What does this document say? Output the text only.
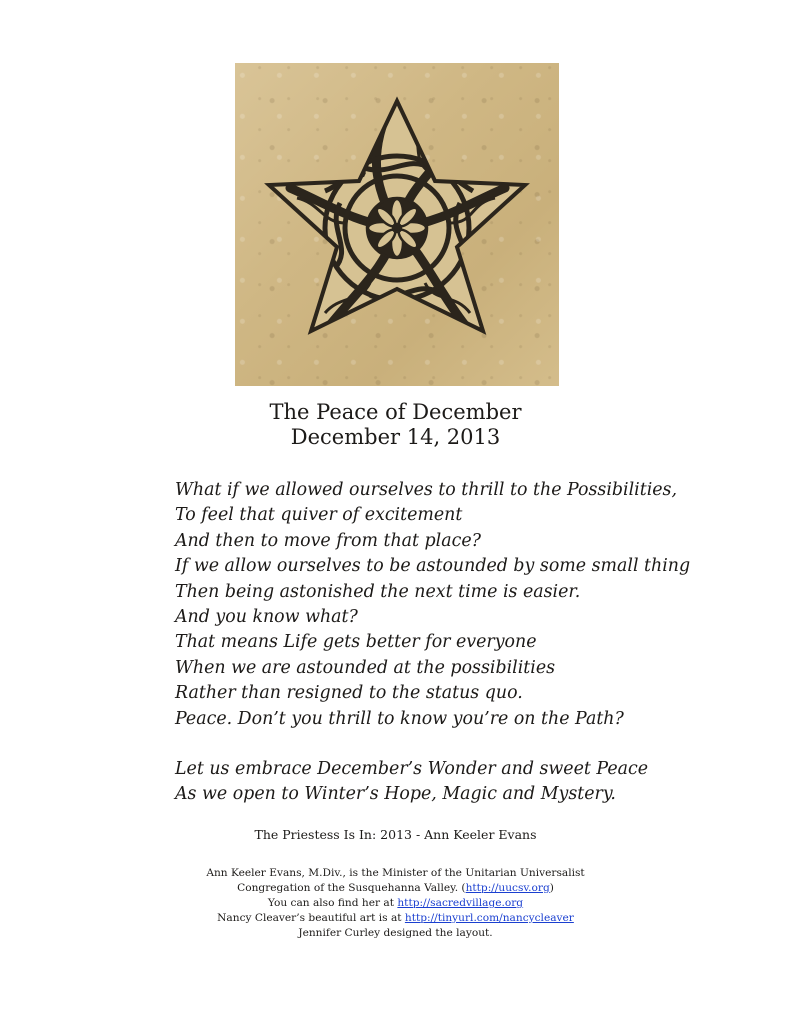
The Peace of December
December 14, 2013
What if we allowed ourselves to thrill to the Possibilities,
To feel that quiver of excitement
And then to move from that place?
If we allow ourselves to be astounded by some small thing
Then being astonished the next time is easier.
And you know what?
That means Life gets better for everyone
When we are astounded at the possibilities
Rather than resigned to the status quo.
Peace. Don’t you thrill to know you’re on the Path?
Let us embrace December’s Wonder and sweet Peace
As we open to Winter’s Hope, Magic and Mystery.
The Priestess Is In: 2013 - Ann Keeler Evans
Ann Keeler Evans, M.Div., is the Minister of the Unitarian Universalist
Congregation of the Susquehanna Valley. (http://uucsv.org)
You can also find her at http://sacredvillage.org
Nancy Cleaver’s beautiful art is at http://tinyurl.com/nancycleaver
Jennifer Curley designed the layout.
